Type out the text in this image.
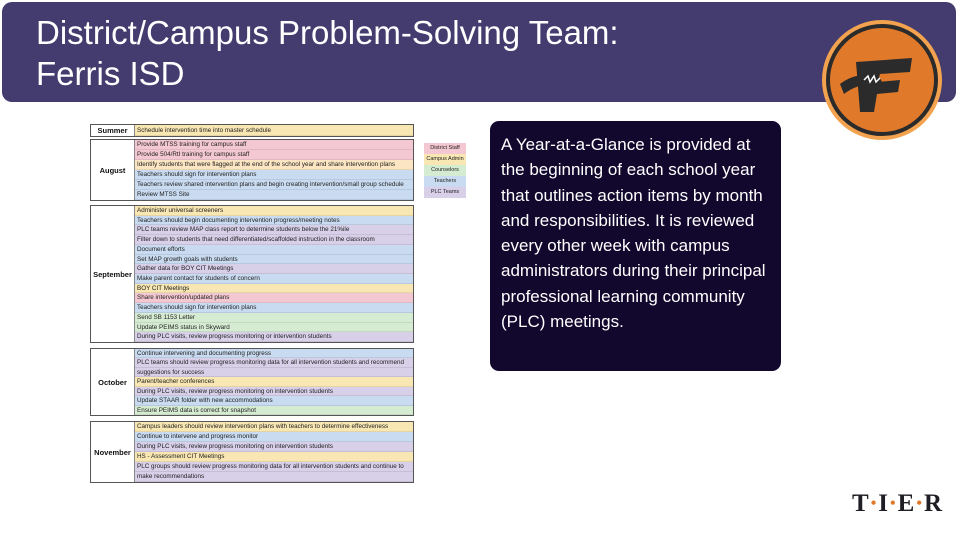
District/Campus Problem-Solving Team:
Ferris ISD
F
Summer	Schedule intervention time into master schedule
August
Provide MTSS training for campus staff
Provide 504/RtI training for campus staff
Identify students that were flagged at the end of the school year and share intervention plans
Teachers should sign for intervention plans
Teachers review shared intervention plans and begin creating intervention/small group schedule
Review MTSS Site
September
Administer universal screeners
Teachers should begin documenting intervention progress/meeting notes
PLC teams review MAP class report to determine students below the 21%ile
Filter down to students that need differentiated/scaffolded instruction in the classroom
Document efforts
Set MAP growth goals with students
Gather data for BOY CIT Meetings
Make parent contact for students of concern
BOY CIT Meetings
Share intervention/updated plans
Teachers should sign for intervention plans
Send SB 1153 Letter
Update PEIMS status in Skyward
During PLC visits, review progress monitoring or intervention students
October
Continue intervening and documenting progress
PLC teams should review progress monitoring data for all intervention students and recommend
suggestions for success
Parent/teacher conferences
During PLC visits, review progress monitoring on intervention students
Update STAAR folder with new accommodations
Ensure PEIMS data is correct for snapshot
November
Campus leaders should review intervention plans with teachers to determine effectiveness
Continue to intervene and progress monitor
During PLC visits, review progress monitoring on intervention students
HS - Assessment CIT Meetings
PLC groups should review progress monitoring data for all intervention students and continue to
make recommendations
District Staff
Campus Admin
Counselors
Teachers
PLC Teams

A Year-at-a-Glance is provided at the beginning of each school year that outlines action items by month and responsibilities. It is reviewed every other week with campus administrators during their principal professional learning community (PLC) meetings.

T•I•E•R
